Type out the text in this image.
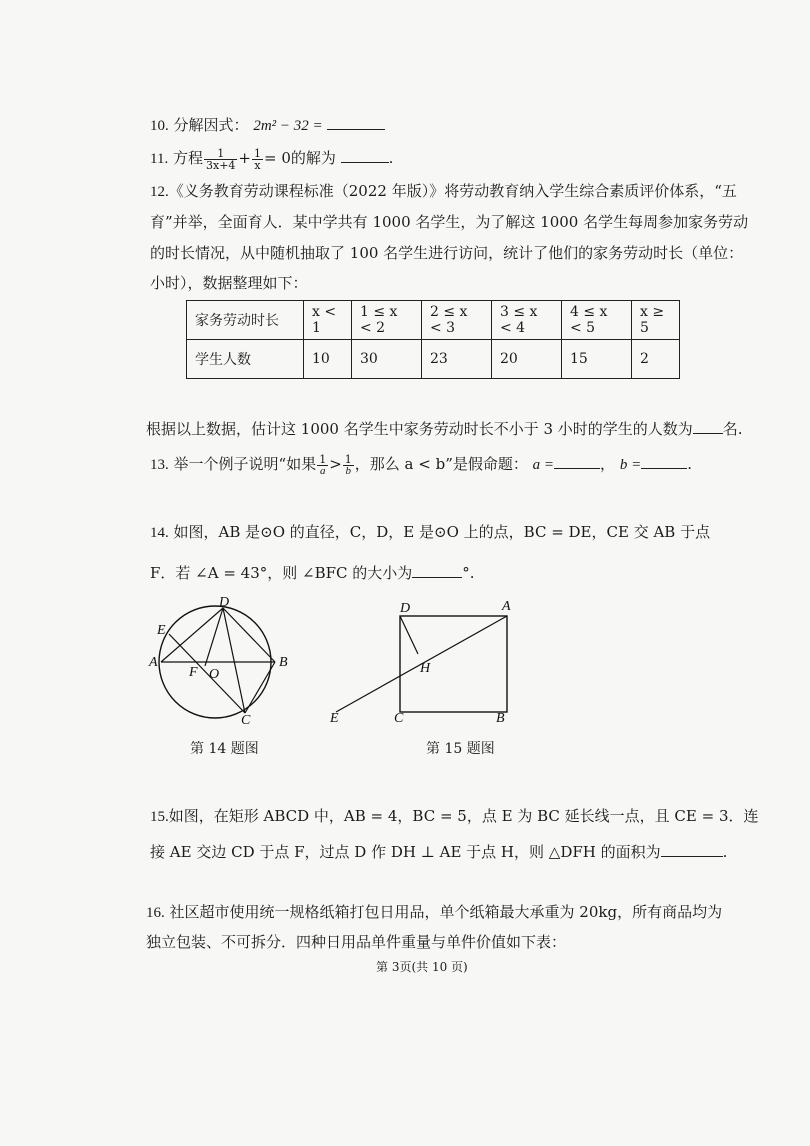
10. 分解因式： 2m² − 32 =
11. 方程 $\frac{1}{3x+4} + \frac{1}{x} = 0$的解为	.
12.《义务教育劳动课程标准（2022 年版）》将劳动教育纳入学生综合素质评价体系，“五
育”并举，全面育人．某中学共有 1000 名学生，为了解这 1000 名学生每周参加家务劳动
的时长情况，从中随机抽取了 100 名学生进行访问，统计了他们的家务劳动时长（单位：
小时），数据整理如下：
家务劳动时长	x < 1	1 ≤ x < 2	2 ≤ x < 3	3 ≤ x < 4	4 ≤ x < 5	x ≥ 5
学生人数	10	30	23	20	15	2
根据以上数据，估计这 1000 名学生中家务劳动时长不小于 3 小时的学生的人数为 名.
13. 举一个例子说明“如果 $\frac{1}{a} > \frac{1}{b}$ ，那么 a < b”是假命题： a =	， b =	.
14. 如图，AB 是⊙O 的直径，C，D，E 是⊙O 上的点，BC = DE，CE 交 AB 于点
F．若 ∠A = 43°，则 ∠BFC 的大小为	°.
D
E
A
F O
B
C
第 14 题图
D	A
H
E	C	B
第 15 题图
15.如图，在矩形 ABCD 中，AB = 4，BC = 5，点 E 为 BC 延长线一点，且 CE = 3．连
接 AE 交边 CD 于点 F，过点 D 作 DH ⊥ AE 于点 H，则 △DFH 的面积为	.
16. 社区超市使用统一规格纸箱打包日用品，单个纸箱最大承重为 20kg，所有商品均为
独立包装、不可拆分．四种日用品单件重量与单件价值如下表：
第 3页(共 10 页)
